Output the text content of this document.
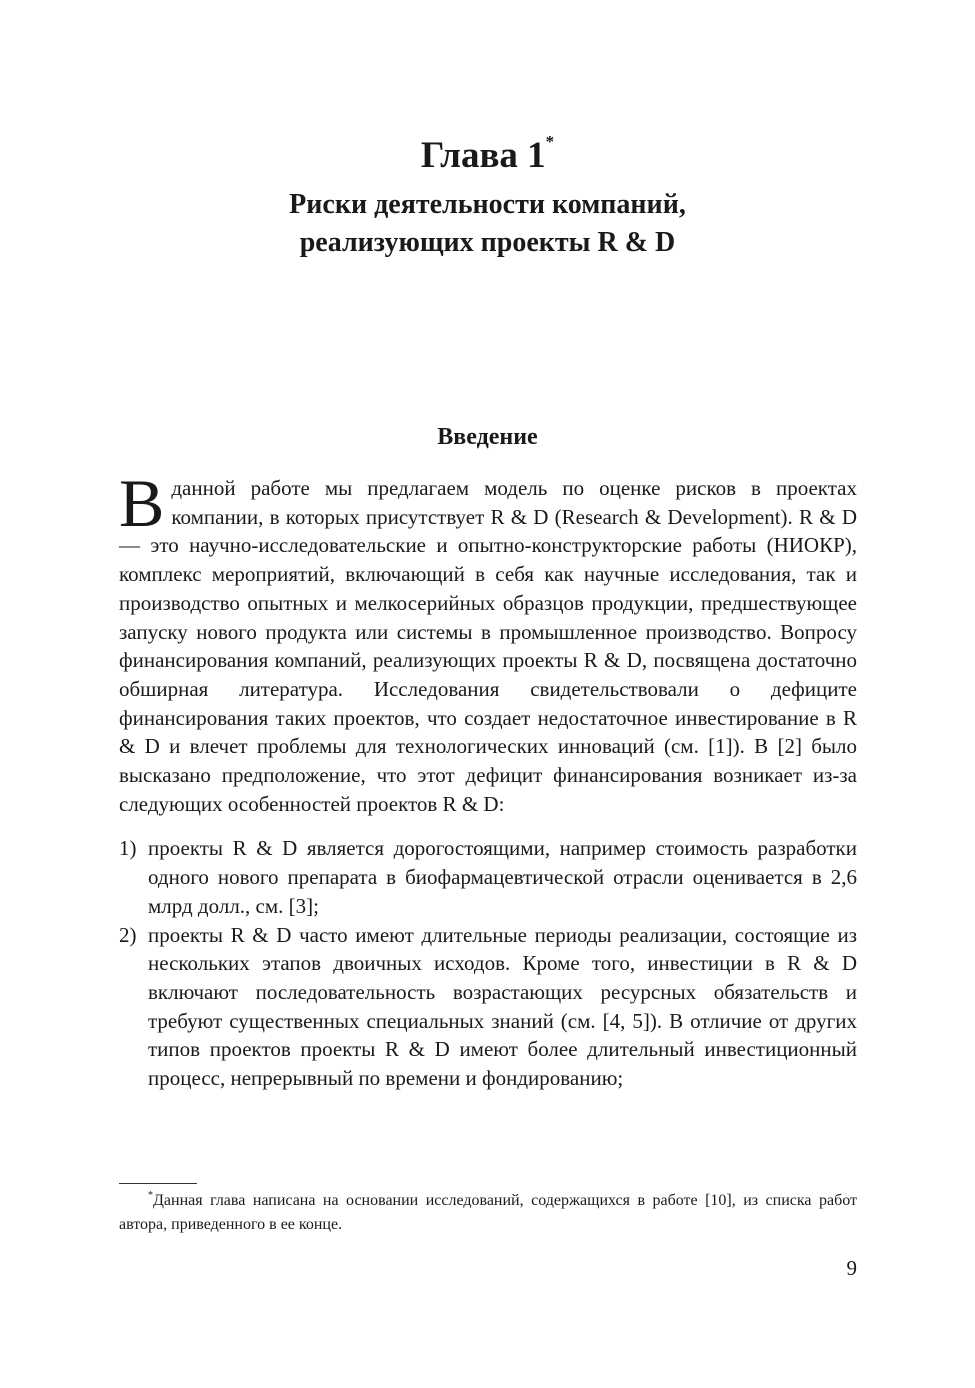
Глава 1*
Риски деятельности компаний,
реализующих проекты R & D
Введение

В данной работе мы предлагаем модель по оценке рисков в проектах компании, в которых присутствует R & D (Research & Development). R & D — это научно-исследовательские и опытно-конструкторские работы (НИОКР), комплекс мероприятий, включающий в себя как научные исследования, так и производство опытных и мелкосерийных образцов продукции, предшествующее запуску нового продукта или системы в промышленное производство. Вопросу финансирования компаний, реализующих проекты R & D, посвящена достаточно обширная литература. Исследования свидетельствовали о дефиците финансирования таких проектов, что создает недостаточное инвестирование в R & D и влечет проблемы для технологических инноваций (см. [1]). В [2] было высказано предположение, что этот дефицит финансирования возникает из-за следующих особенностей проектов R & D:

1) проекты R & D является дорогостоящими, например стоимость разработки одного нового препарата в биофармацевтической отрасли оценивается в 2,6 млрд долл., см. [3];
2) проекты R & D часто имеют длительные периоды реализации, состоящие из нескольких этапов двоичных исходов. Кроме того, инвестиции в R & D включают последовательность возрастающих ресурсных обязательств и требуют существенных специальных знаний (см. [4, 5]). В отличие от других типов проектов проекты R & D имеют более длительный инвестиционный процесс, непрерывный по времени и фондированию;

*Данная глава написана на основании исследований, содержащихся в работе [10], из списка работ автора, приведенного в ее конце.

9
